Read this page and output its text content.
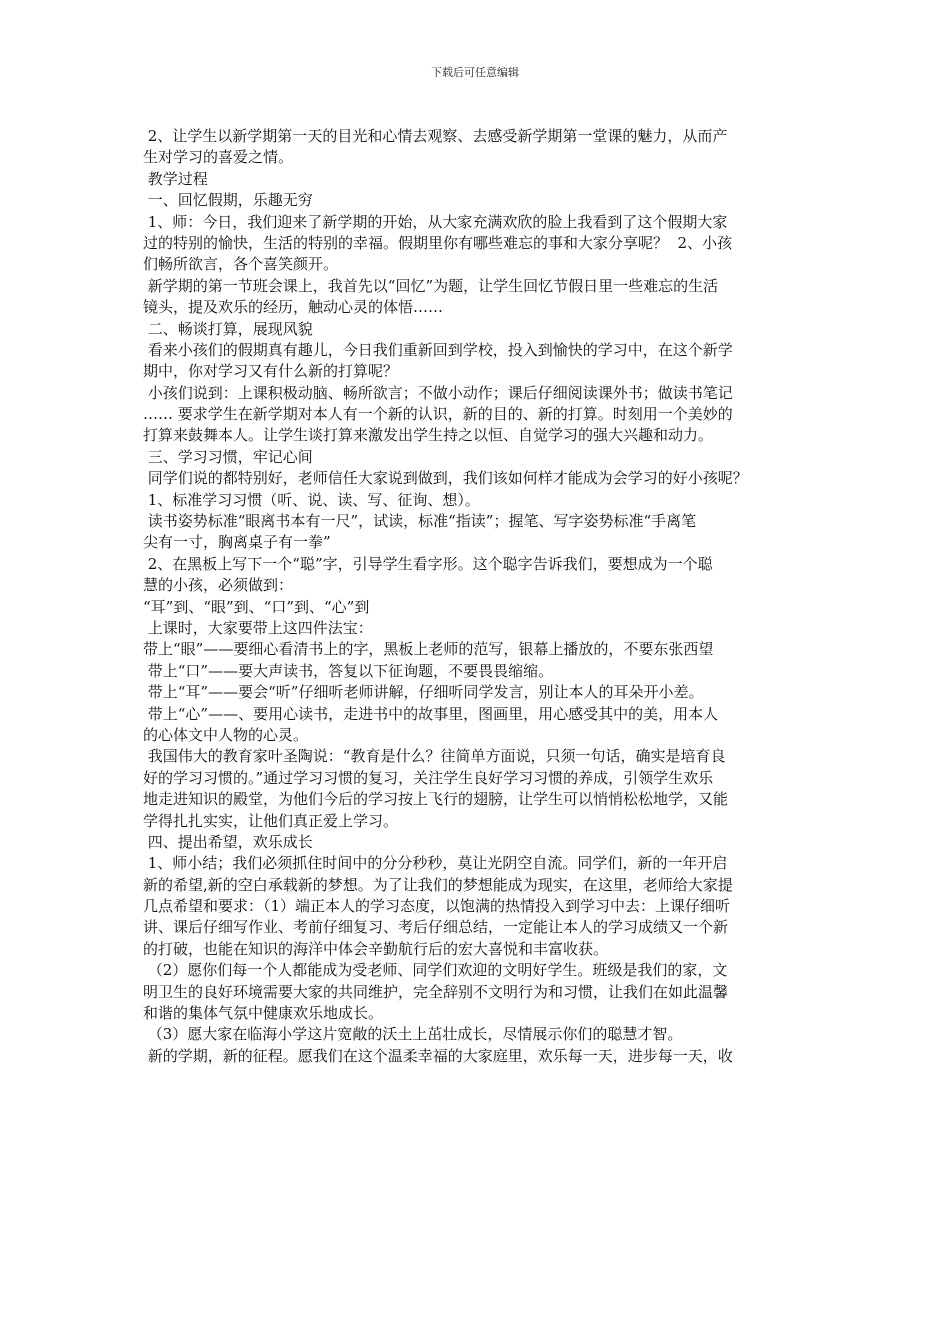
下载后可任意编辑
2、让学生以新学期第一天的目光和心情去观察、去感受新学期第一堂课的魅力，从而产
生对学习的喜爱之情。
教学过程
一、回忆假期，乐趣无穷
1、师：今日，我们迎来了新学期的开始，从大家充满欢欣的脸上我看到了这个假期大家
过的特别的愉快，生活的特别的幸福。假期里你有哪些难忘的事和大家分享呢？  2、小孩
们畅所欲言，各个喜笑颜开。
新学期的第一节班会课上，我首先以“回忆”为题，让学生回忆节假日里一些难忘的生活
镜头，提及欢乐的经历，触动心灵的体悟……
二、畅谈打算，展现风貌
看来小孩们的假期真有趣儿，今日我们重新回到学校，投入到愉快的学习中，在这个新学
期中，你对学习又有什么新的打算呢？
小孩们说到：上课积极动脑、畅所欲言；不做小动作；课后仔细阅读课外书；做读书笔记
…… 要求学生在新学期对本人有一个新的认识，新的目的、新的打算。时刻用一个美妙的
打算来鼓舞本人。让学生谈打算来激发出学生持之以恒、自觉学习的强大兴趣和动力。
三、学习习惯，牢记心间
同学们说的都特别好，老师信任大家说到做到，我们该如何样才能成为会学习的好小孩呢？
1、标准学习习惯（听、说、读、写、征询、想）。
读书姿势标准“眼离书本有一尺”，试读，标准“指读”；握笔、写字姿势标准“手离笔
尖有一寸，胸离桌子有一拳”
2、在黑板上写下一个“聪”字，引导学生看字形。这个聪字告诉我们，要想成为一个聪
慧的小孩，必须做到：
“耳”到、“眼”到、“口”到、“心”到
上课时，大家要带上这四件法宝：
带上“眼”——要细心看清书上的字，黑板上老师的范写，银幕上播放的，不要东张西望
带上“口”——要大声读书，答复以下征询题，不要畏畏缩缩。
带上“耳”——要会“听”仔细听老师讲解，仔细听同学发言，别让本人的耳朵开小差。
带上“心”——、要用心读书，走进书中的故事里，图画里，用心感受其中的美，用本人
的心体文中人物的心灵。
我国伟大的教育家叶圣陶说：“教育是什么？往简单方面说，只须一句话，确实是培育良
好的学习习惯的。”通过学习习惯的复习，关注学生良好学习习惯的养成，引领学生欢乐
地走进知识的殿堂，为他们今后的学习按上飞行的翅膀，让学生可以悄悄松松地学，又能
学得扎扎实实，让他们真正爱上学习。
四、提出希望，欢乐成长
1、师小结；我们必须抓住时间中的分分秒秒，莫让光阴空自流。同学们，新的一年开启
新的希望,新的空白承载新的梦想。为了让我们的梦想能成为现实，在这里，老师给大家提
几点希望和要求：（1）端正本人的学习态度，以饱满的热情投入到学习中去：上课仔细听
讲、课后仔细写作业、考前仔细复习、考后仔细总结，一定能让本人的学习成绩又一个新
的打破，也能在知识的海洋中体会辛勤航行后的宏大喜悦和丰富收获。
（2）愿你们每一个人都能成为受老师、同学们欢迎的文明好学生。班级是我们的家，文
明卫生的良好环境需要大家的共同维护，完全辞别不文明行为和习惯，让我们在如此温馨
和谐的集体气氛中健康欢乐地成长。
（3）愿大家在临海小学这片宽敞的沃土上茁壮成长，尽情展示你们的聪慧才智。
新的学期，新的征程。愿我们在这个温柔幸福的大家庭里，欢乐每一天，进步每一天，收
